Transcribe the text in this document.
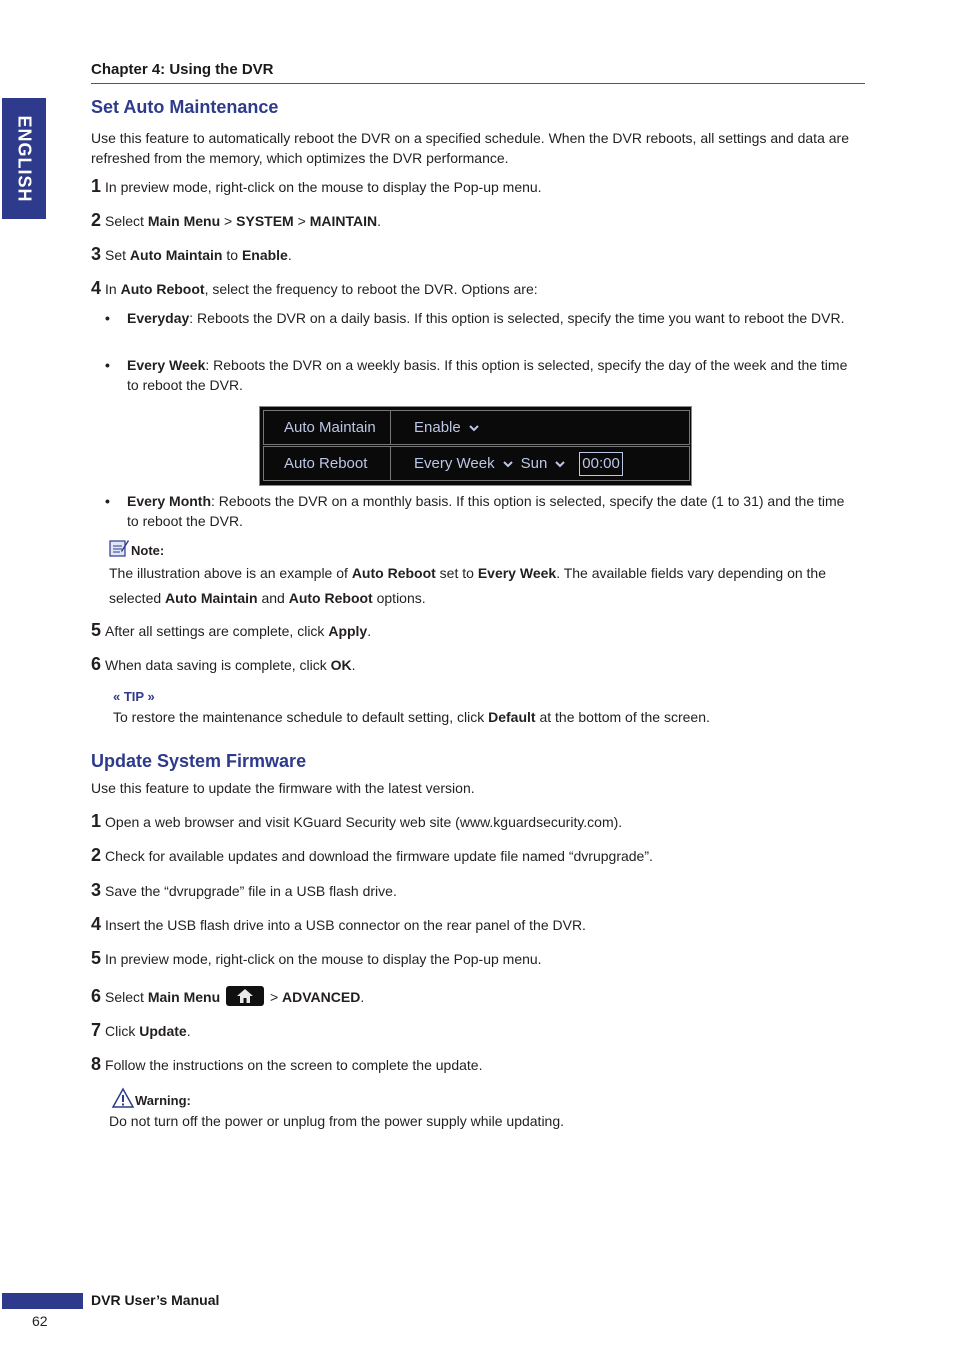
ENGLISH
Chapter 4: Using the DVR
Set Auto Maintenance
Use this feature to automatically reboot the DVR on a specified schedule. When the DVR reboots, all settings and data are refreshed from the memory, which optimizes the DVR performance.
1 In preview mode, right-click on the mouse to display the Pop-up menu.
2 Select Main Menu > SYSTEM > MAINTAIN.
3 Set Auto Maintain to Enable.
4 In Auto Reboot, select the frequency to reboot the DVR. Options are:
• Everyday: Reboots the DVR on a daily basis. If this option is selected, specify the time you want to reboot the DVR.
• Every Week: Reboots the DVR on a weekly basis. If this option is selected, specify the day of the week and the time to reboot the DVR.
Auto Maintain	Enable
Auto Reboot	Every Week Sun 00:00
• Every Month: Reboots the DVR on a monthly basis. If this option is selected, specify the date (1 to 31) and the time to reboot the DVR.
Note:
The illustration above is an example of Auto Reboot set to Every Week. The available fields vary depending on the selected Auto Maintain and Auto Reboot options.
5 After all settings are complete, click Apply.
6 When data saving is complete, click OK.
« TIP »
To restore the maintenance schedule to default setting, click Default at the bottom of the screen.
Update System Firmware
Use this feature to update the firmware with the latest version.
1 Open a web browser and visit KGuard Security web site (www.kguardsecurity.com).
2 Check for available updates and download the firmware update file named “dvrupgrade”.
3 Save the “dvrupgrade” file in a USB flash drive.
4 Insert the USB flash drive into a USB connector on the rear panel of the DVR.
5 In preview mode, right-click on the mouse to display the Pop-up menu.
6 Select Main Menu	> ADVANCED.
7 Click Update.
8 Follow the instructions on the screen to complete the update.
Warning:
Do not turn off the power or unplug from the power supply while updating.
DVR User’s Manual
62
